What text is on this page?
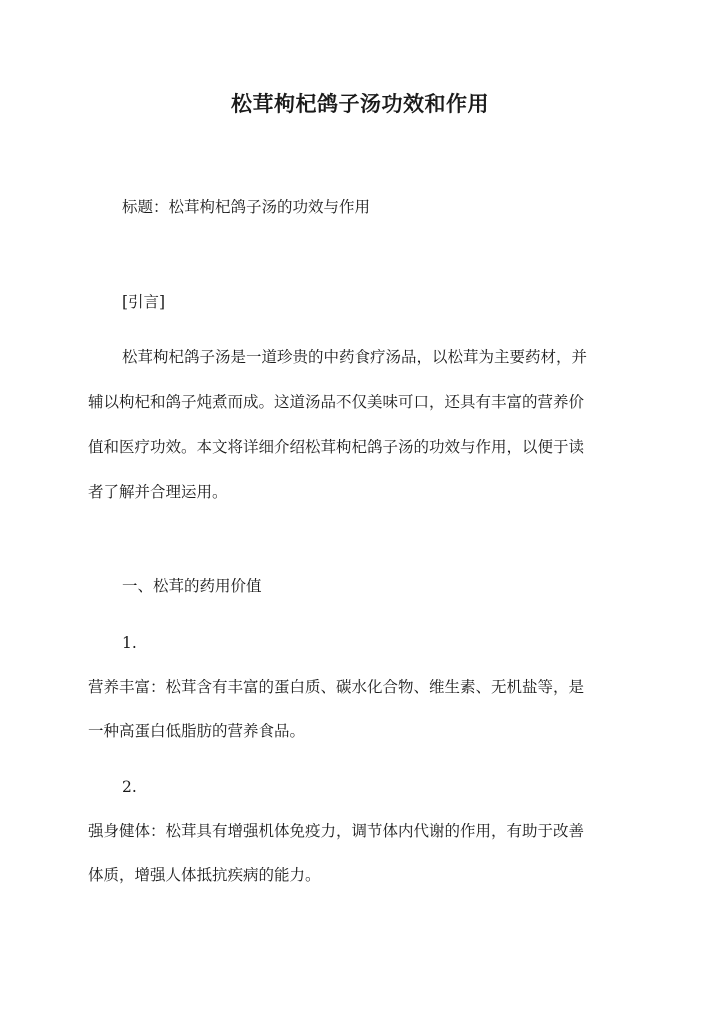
松茸枸杞鸽子汤功效和作用
标题：松茸枸杞鸽子汤的功效与作用
[引言]
松茸枸杞鸽子汤是一道珍贵的中药食疗汤品，以松茸为主要药材，并
辅以枸杞和鸽子炖煮而成。这道汤品不仅美味可口，还具有丰富的营养价
值和医疗功效。本文将详细介绍松茸枸杞鸽子汤的功效与作用，以便于读
者了解并合理运用。
一、松茸的药用价值
1.
营养丰富：松茸含有丰富的蛋白质、碳水化合物、维生素、无机盐等，是
一种高蛋白低脂肪的营养食品。
2.
强身健体：松茸具有增强机体免疫力，调节体内代谢的作用，有助于改善
体质，增强人体抵抗疾病的能力。
